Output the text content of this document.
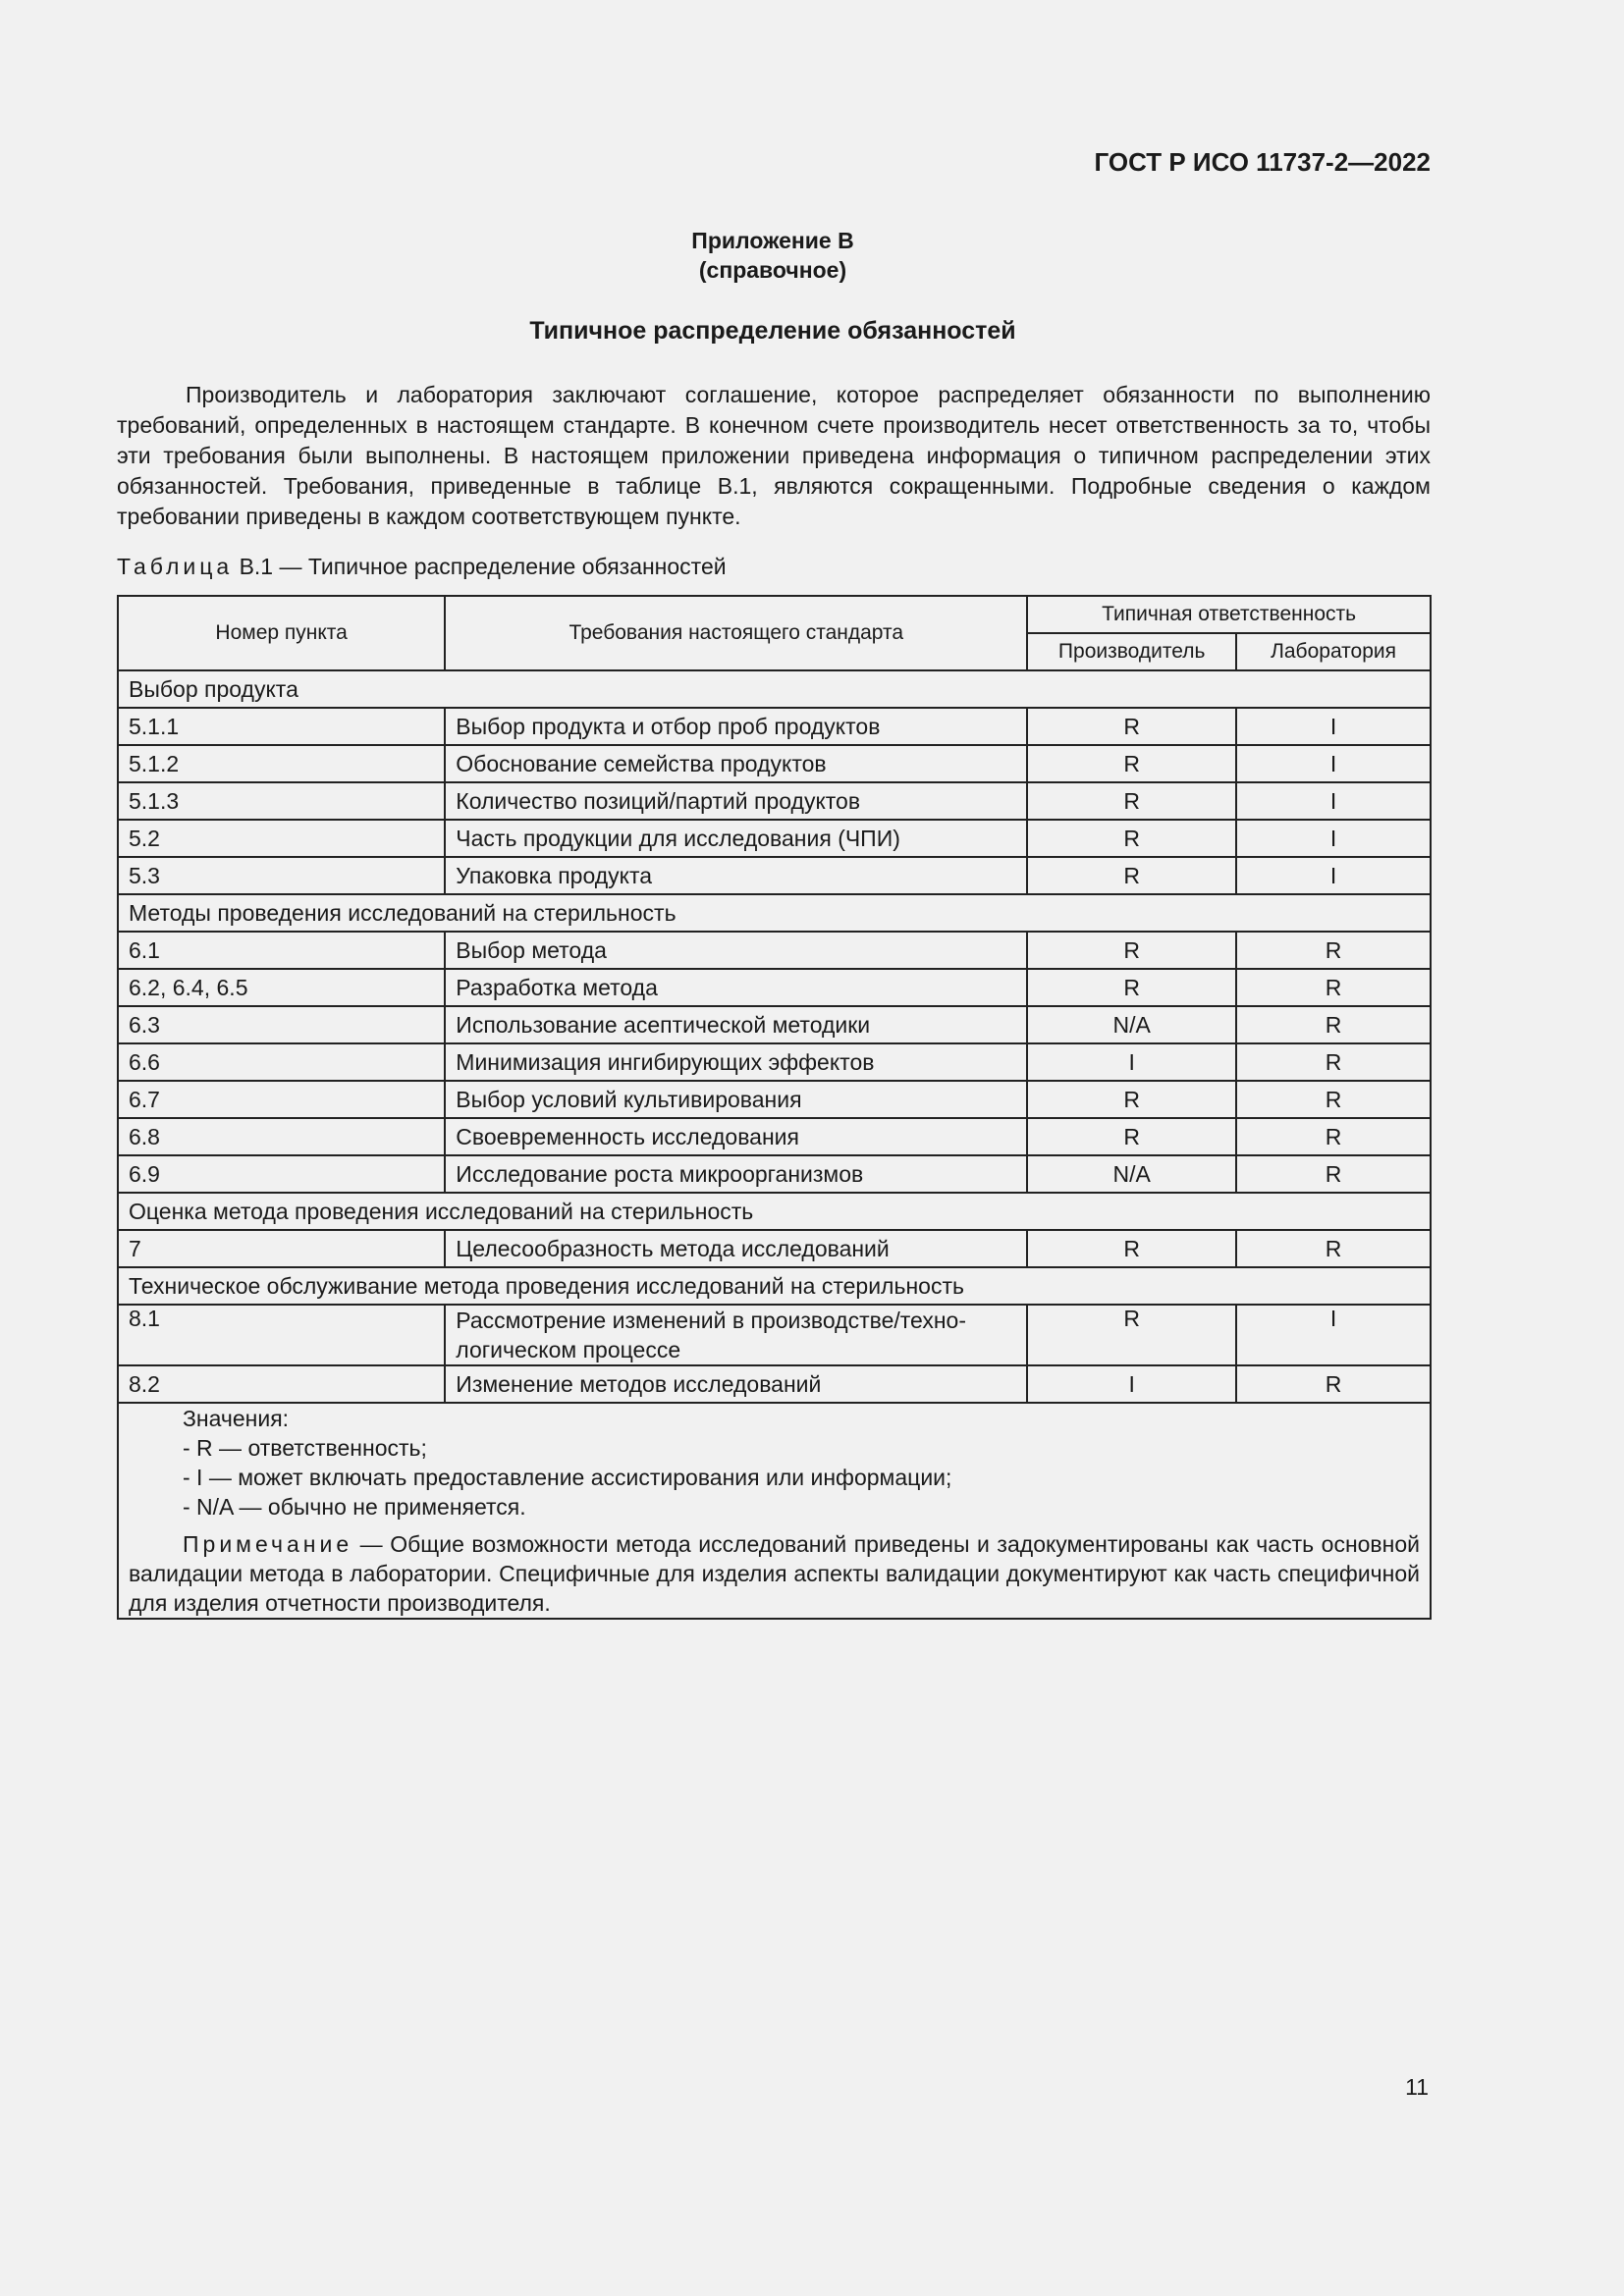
ГОСТ Р ИСО 11737-2—2022
Приложение В
(справочное)
Типичное распределение обязанностей

Производитель и лаборатория заключают соглашение, которое распределяет обязанности по выполнению требований, определенных в настоящем стандарте. В конечном счете производитель несет ответственность за то, чтобы эти требования были выполнены. В настоящем приложении приведена информация о типичном распределении этих обязанностей. Требования, приведенные в таблице В.1, являются сокращенными. Подробные сведения о каждом требовании приведены в каждом соответствующем пункте.

Таблица В.1 — Типичное распределение обязанностей
Номер пункта	Требования настоящего стандарта	Типичная ответственность	
		Производитель	Лаборатория
Выбор продукта			
5.1.1	Выбор продукта и отбор проб продуктов	R	I
5.1.2	Обоснование семейства продуктов	R	I
5.1.3	Количество позиций/партий продуктов	R	I
5.2	Часть продукции для исследования (ЧПИ)	R	I
5.3	Упаковка продукта	R	I
Методы проведения исследований на стерильность			
6.1	Выбор метода	R	R
6.2, 6.4, 6.5	Разработка метода	R	R
6.3	Использование асептической методики	N/A	R
6.6	Минимизация ингибирующих эффектов	I	R
6.7	Выбор условий культивирования	R	R
6.8	Своевременность исследования	R	R
6.9	Исследование роста микроорганизмов	N/A	R
Оценка метода проведения исследований на стерильность			
7	Целесообразность метода исследований	R	R
Техническое обслуживание метода проведения исследований на стерильность			
8.1	Рассмотрение изменений в производстве/техно-логическом процессе	R	I
8.2	Изменение методов исследований	I	R

Значения:
- R — ответственность;
- I — может включать предоставление ассистирования или информации;
- N/A — обычно не применяется.
Примечание — Общие возможности метода исследований приведены и задокументированы как часть основной валидации метода в лаборатории. Специфичные для изделия аспекты валидации документируют как часть специфичной для изделия отчетности производителя.			
11
